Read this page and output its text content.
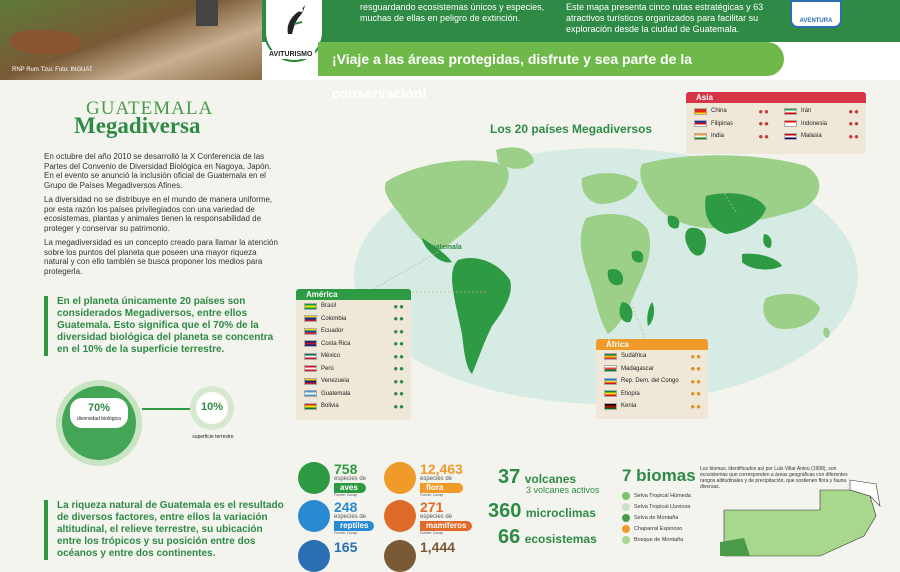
RNP Rum Tzul. Foto: INGUAT
resguardando ecosistemas únicos y especies, muchas de ellas en peligro de extinción.
Este mapa presenta cinco rutas estratégicas y 63 atractivos turísticos organizados para facilitar su exploración desde la ciudad de Guatemala.
AVITURISMO
AVENTURA
¡Viaje a las áreas protegidas, disfrute y sea parte de la conservación!
GUATEMALA
Megadiversa
En octubre del año 2010 se desarrolló la X Conferencia de las Partes del Convenio de Diversidad Biológica en Nagoya, Japón. En el evento se anunció la inclusión oficial de Guatemala en el Grupo de Países Megadiversos Afines.
La diversidad no se distribuye en el mundo de manera uniforme, por esta razón los países privilegiados con una variedad de ecosistemas, plantas y animales tienen la responsabilidad de proteger y conservar su patrimonio.
La megadiversidad es un concepto creado para llamar la atención sobre los puntos del planeta que poseen una mayor riqueza natural y con ello también se busca proponer los medios para protegerla.
En el planeta únicamente 20 países son considerados Megadiversos, entre ellos Guatemala. Esto significa que el 70% de la diversidad biológica del planeta se concentra en el 10% de la superficie terrestre.
70%
diversidad biológica
10%
superficie terrestre
La riqueza natural de Guatemala es el resultado de diversos factores, entre ellos la variación altitudinal, el relieve terrestre, su ubicación entre los trópicos y su posición entre dos océanos y entre dos continentes.
Los 20 países Megadiversos
Guatemala
Asia
China	●●	Irán	●●
Filipinas	●●	Indonesia	●●
India	●●	Malasia	●●
América
Brasil	●●
Colombia	●●
Ecuador	●●
Costa Rica	●●
México	●●
Perú	●●
Venezuela	●●
Guatemala	●●
Bolivia	●●
África
Sudáfrica	●●
Madagascar	●●
Rep. Dem. del Congo ●●
Etiopía	●●
Kenia	●●
758
especies de
aves
Fuente: Conap
12,463
especies de
flora
Fuente: Conap
248
especies de
reptiles
Fuente: Conap
271
especies de
mamíferos
Fuente: Conap
165	1,444
37 volcanes
3 volcanes activos
360 microclimas
66 ecosistemas
7 biomas Los biomas, identificados así por Luis Villar Anleu (1998), son ecosistemas que corresponden a áreas geográficas con diferentes rangos altitudinales y de precipitación, que sostienen flora y fauna diversas.
Selva Tropical Húmeda
Selva Tropical Lluviosa
Selva de Montaña
Chaparral Espinoso
Bosque de Montaña
